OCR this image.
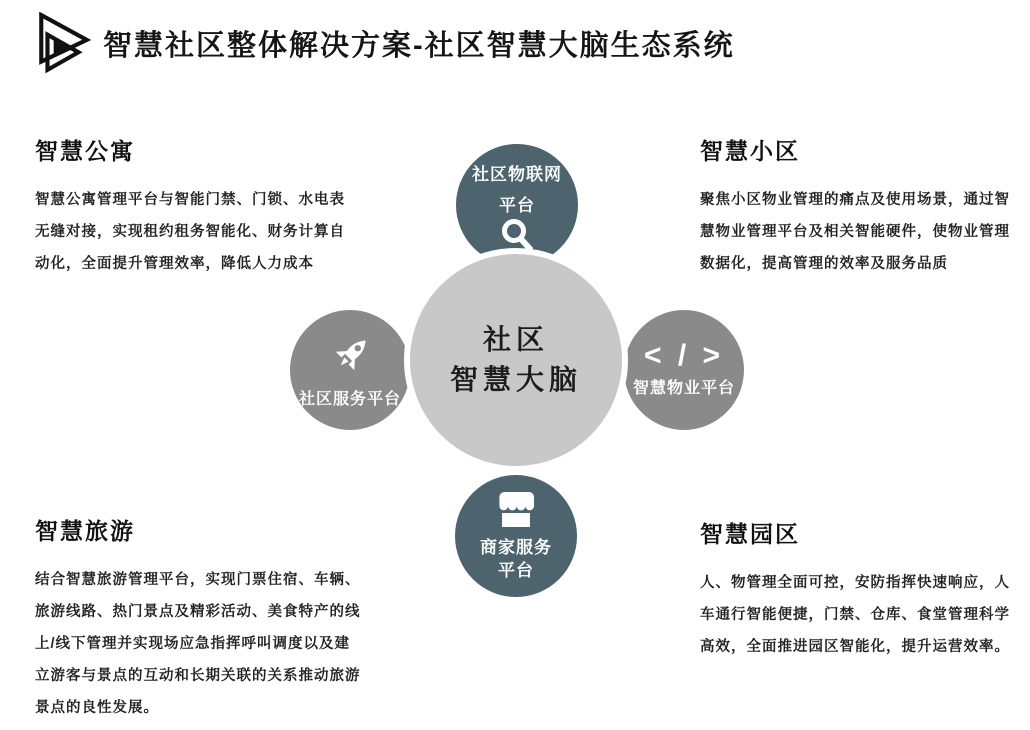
智慧社区整体解决方案-社区智慧大脑生态系统
智慧公寓

智慧公寓管理平台与智能门禁、门锁、水电表无缝对接，实现租约租务智能化、财务计算自动化，全面提升管理效率，降低人力成本

智慧小区

聚焦小区物业管理的痛点及使用场景，通过智慧物业管理平台及相关智能硬件，使物业管理数据化，提高管理的效率及服务品质

智慧旅游

结合智慧旅游管理平台，实现门票住宿、车辆、旅游线路、热门景点及精彩活动、美食特产的线上/线下管理并实现场应急指挥呼叫调度以及建立游客与景点的互动和长期关联的关系推动旅游景点的良性发展。

智慧园区

人、物管理全面可控，安防指挥快速响应，人车通行智能便捷，门禁、仓库、食堂管理科学高效，全面推进园区智能化，提升运营效率。

社区物联网
平台
社区
智慧大脑
社区服务平台
< / >
智慧物业平台
商家服务
平台
